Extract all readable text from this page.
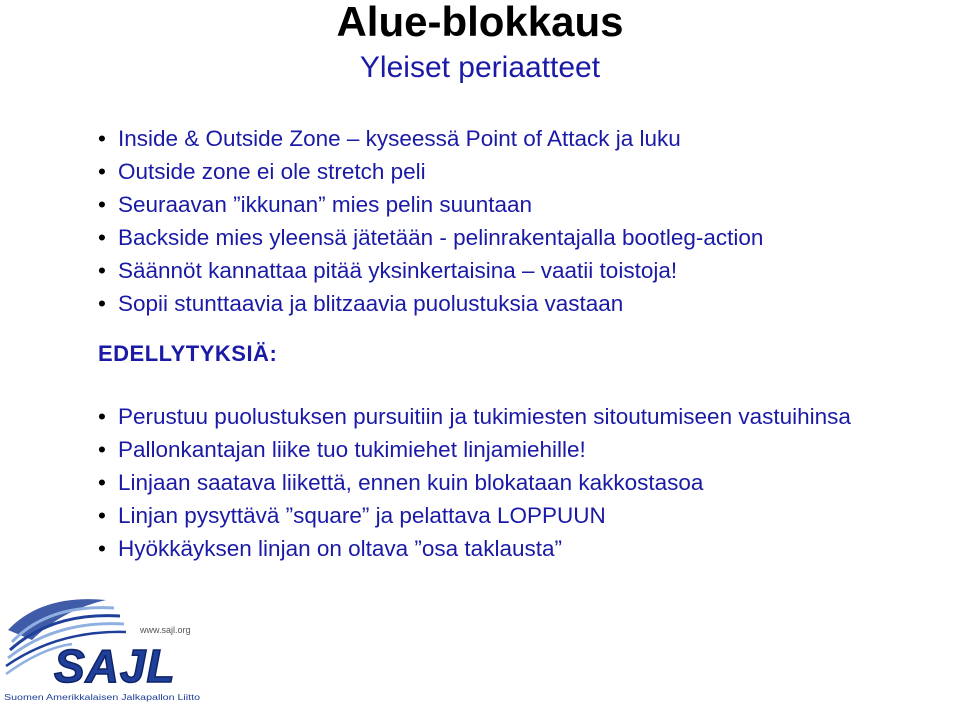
Alue-blokkaus
Yleiset periaatteet
• Inside & Outside Zone – kyseessä Point of Attack ja luku
• Outside zone ei ole stretch peli
• Seuraavan ”ikkunan” mies pelin suuntaan
• Backside mies yleensä jätetään - pelinrakentajalla bootleg-action
• Säännöt kannattaa pitää yksinkertaisina – vaatii toistoja!
• Sopii stunttaavia ja blitzaavia puolustuksia vastaan
EDELLYTYKSIÄ:
• Perustuu puolustuksen pursuitiin ja tukimiesten sitoutumiseen vastuihinsa
• Pallonkantajan liike tuo tukimiehet linjamiehille!
• Linjaan saatava liikettä, ennen kuin blokataan kakkostasoa
• Linjan pysyttävä ”square” ja pelattava LOPPUUN
• Hyökkäyksen linjan on oltava ”osa taklausta”
www.sajl.org
SAJL
Suomen Amerikkalaisen Jalkapallon Liitto
